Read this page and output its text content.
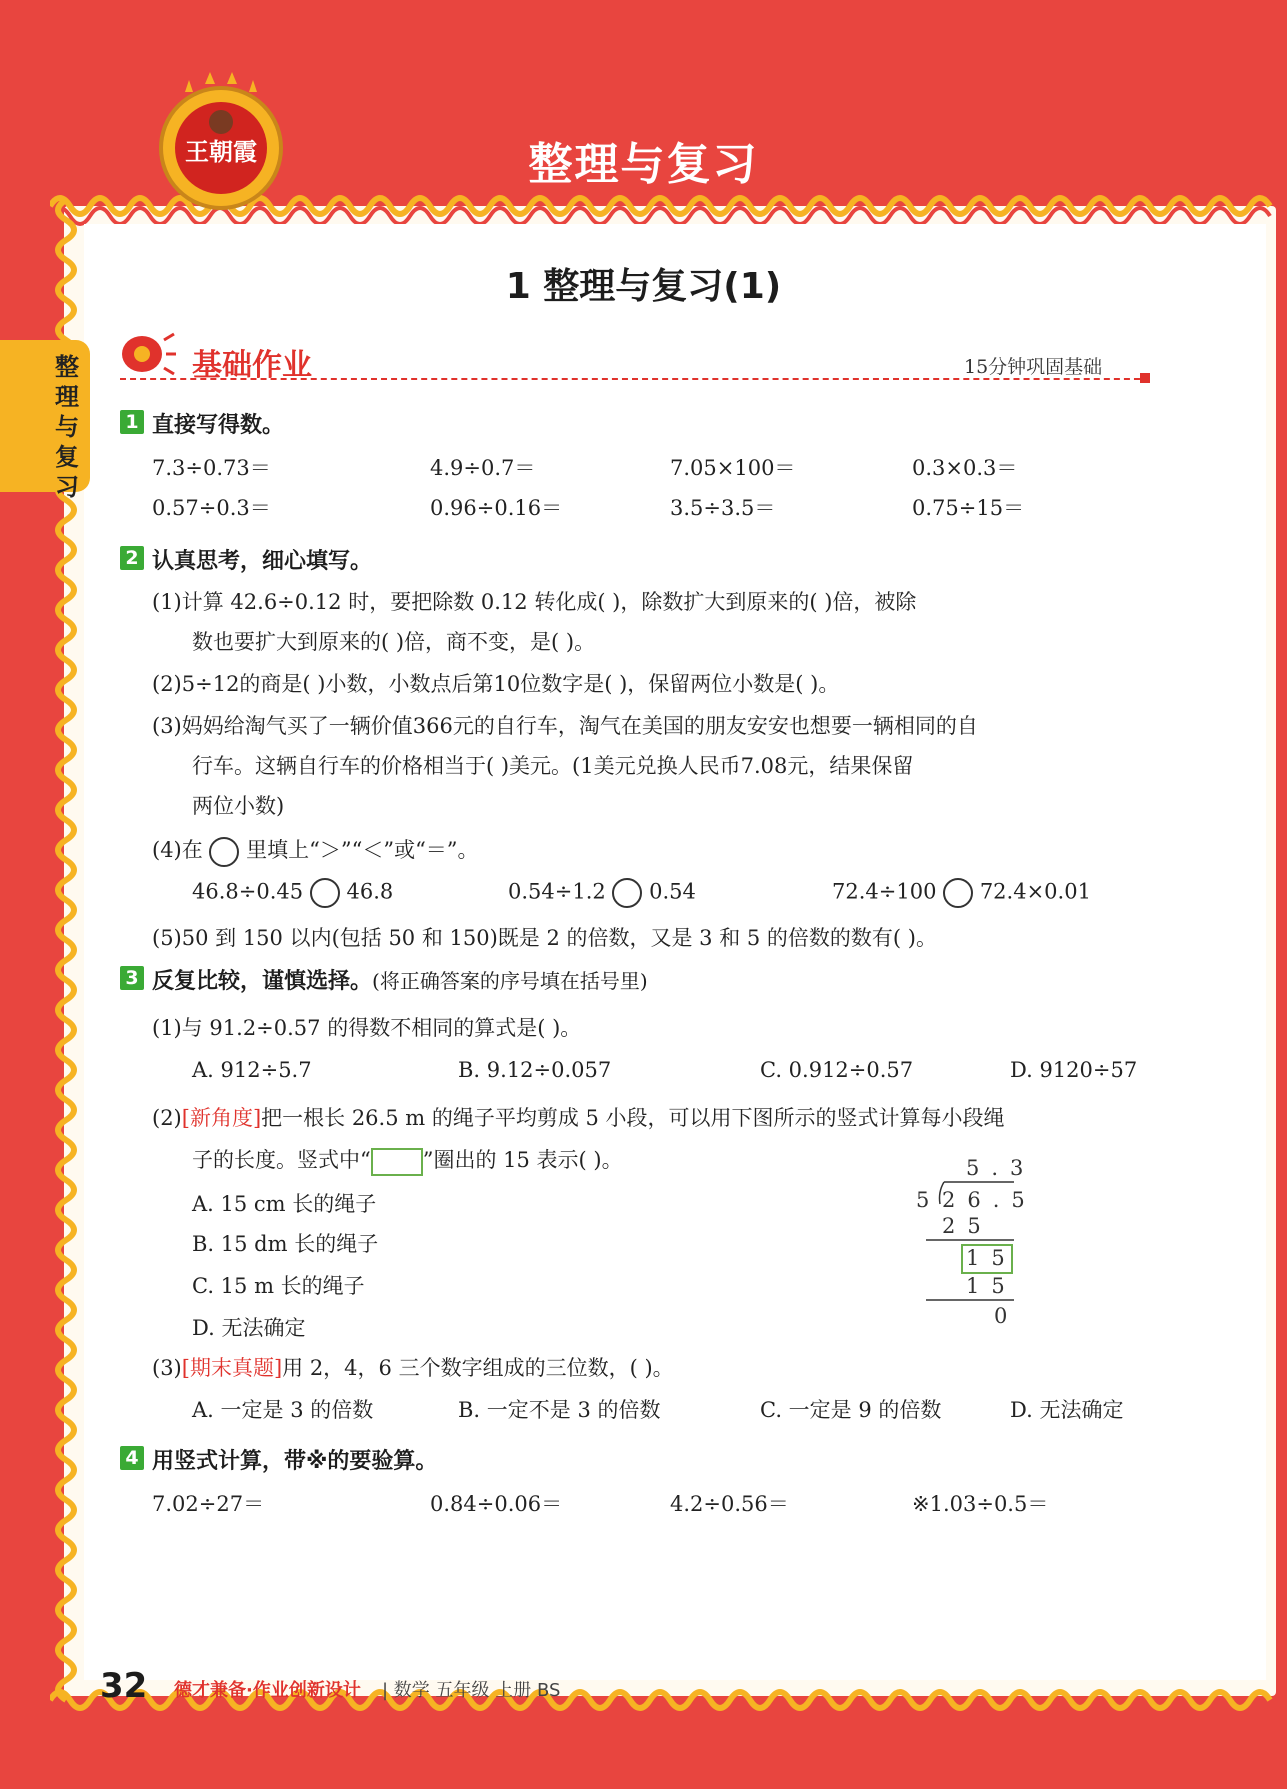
王朝霞	整理与复习
整理与复习
1 整理与复习(1)
基础作业	15分钟巩固基础
1 直接写得数。
7.3÷0.73＝	4.9÷0.7＝	7.05×100＝	0.3×0.3＝
0.57÷0.3＝	0.96÷0.16＝	3.5÷3.5＝	0.75÷15＝
2 认真思考，细心填写。
(1)计算 42.6÷0.12 时，要把除数 0.12 转化成( )，除数扩大到原来的( )倍，被除
数也要扩大到原来的( )倍，商不变，是( )。
(2)5÷12的商是( )小数，小数点后第10位数字是( )，保留两位小数是( )。
(3)妈妈给淘气买了一辆价值366元的自行车，淘气在美国的朋友安安也想要一辆相同的自
行车。这辆自行车的价格相当于( )美元。(1美元兑换人民币7.08元，结果保留
两位小数)
(4)在 里填上“＞”“＜”或“＝”。
46.8÷0.45 46.8	0.54÷1.2 0.54	72.4÷100 72.4×0.01
(5)50 到 150 以内(包括 50 和 150)既是 2 的倍数，又是 3 和 5 的倍数的数有( )。
3 反复比较，谨慎选择。(将正确答案的序号填在括号里)
(1)与 91.2÷0.57 的得数不相同的算式是( )。
A. 912÷5.7	B. 9.12÷0.057	C. 0.912÷0.57	D. 9120÷57
(2)[新角度]把一根长 26.5 m 的绳子平均剪成 5 小段，可以用下图所示的竖式计算每小段绳
子的长度。竖式中“ ”圈出的 15 表示( )。
A. 15 cm 长的绳子
B. 15 dm 长的绳子
C. 15 m 长的绳子
D. 无法确定
5.3
5 26.5
25
15
15
0
(3)[期末真题]用 2，4，6 三个数字组成的三位数，( )。
A. 一定是 3 的倍数	B. 一定不是 3 的倍数	C. 一定是 9 的倍数	D. 无法确定
4 用竖式计算，带※的要验算。
7.02÷27＝	0.84÷0.06＝	4.2÷0.56＝	※1.03÷0.5＝
32 德才兼备·作业创新设计 | 数学 五年级 上册 BS
